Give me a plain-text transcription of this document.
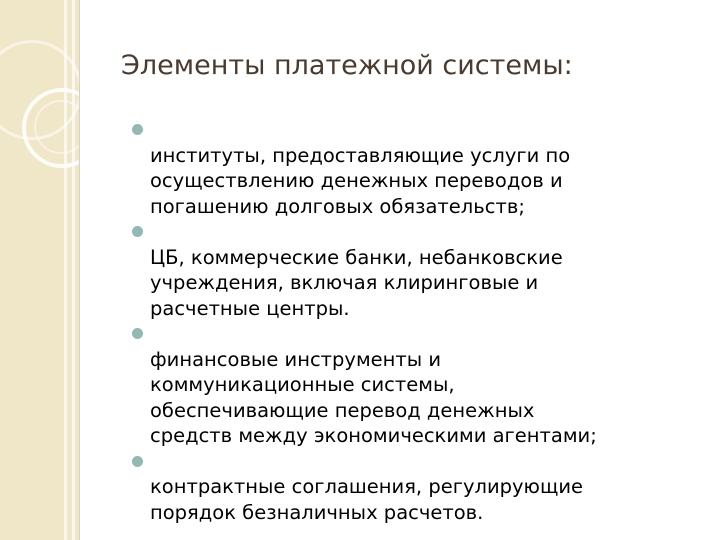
Элементы платежной системы:

институты, предоставляющие услуги по
осуществлению денежных переводов и
погашению долговых обязательств;

ЦБ, коммерческие банки, небанковские
учреждения, включая клиринговые и
расчетные центры.

финансовые инструменты и
коммуникационные системы,
обеспечивающие перевод денежных
средств между экономическими агентами;

контрактные соглашения, регулирующие
порядок безналичных расчетов.
